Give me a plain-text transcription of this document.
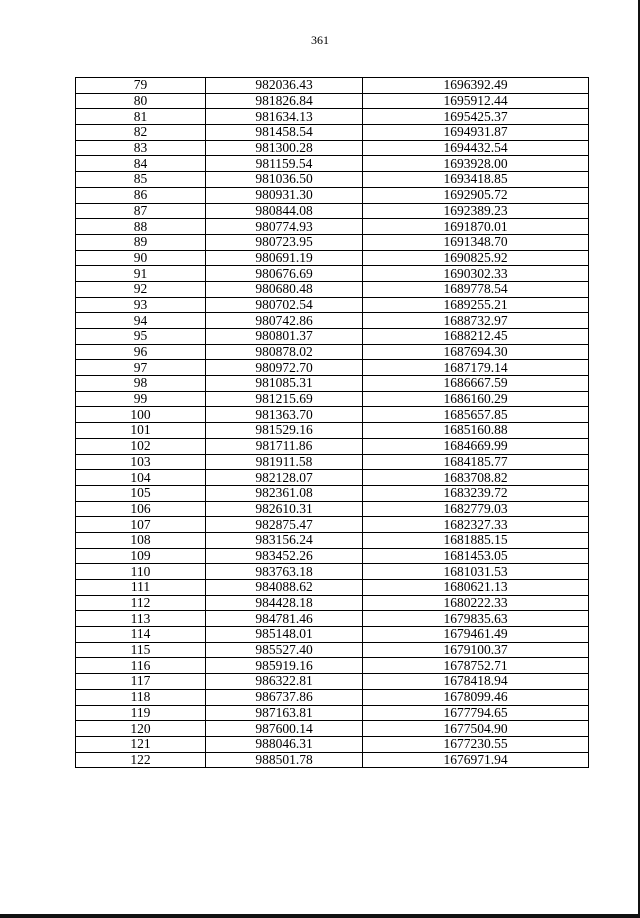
361
79	982036.43	1696392.49
80	981826.84	1695912.44
81	981634.13	1695425.37
82	981458.54	1694931.87
83	981300.28	1694432.54
84	981159.54	1693928.00
85	981036.50	1693418.85
86	980931.30	1692905.72
87	980844.08	1692389.23
88	980774.93	1691870.01
89	980723.95	1691348.70
90	980691.19	1690825.92
91	980676.69	1690302.33
92	980680.48	1689778.54
93	980702.54	1689255.21
94	980742.86	1688732.97
95	980801.37	1688212.45
96	980878.02	1687694.30
97	980972.70	1687179.14
98	981085.31	1686667.59
99	981215.69	1686160.29
100	981363.70	1685657.85
101	981529.16	1685160.88
102	981711.86	1684669.99
103	981911.58	1684185.77
104	982128.07	1683708.82
105	982361.08	1683239.72
106	982610.31	1682779.03
107	982875.47	1682327.33
108	983156.24	1681885.15
109	983452.26	1681453.05
110	983763.18	1681031.53
111	984088.62	1680621.13
112	984428.18	1680222.33
113	984781.46	1679835.63
114	985148.01	1679461.49
115	985527.40	1679100.37
116	985919.16	1678752.71
117	986322.81	1678418.94
118	986737.86	1678099.46
119	987163.81	1677794.65
120	987600.14	1677504.90
121	988046.31	1677230.55
122	988501.78	1676971.94
